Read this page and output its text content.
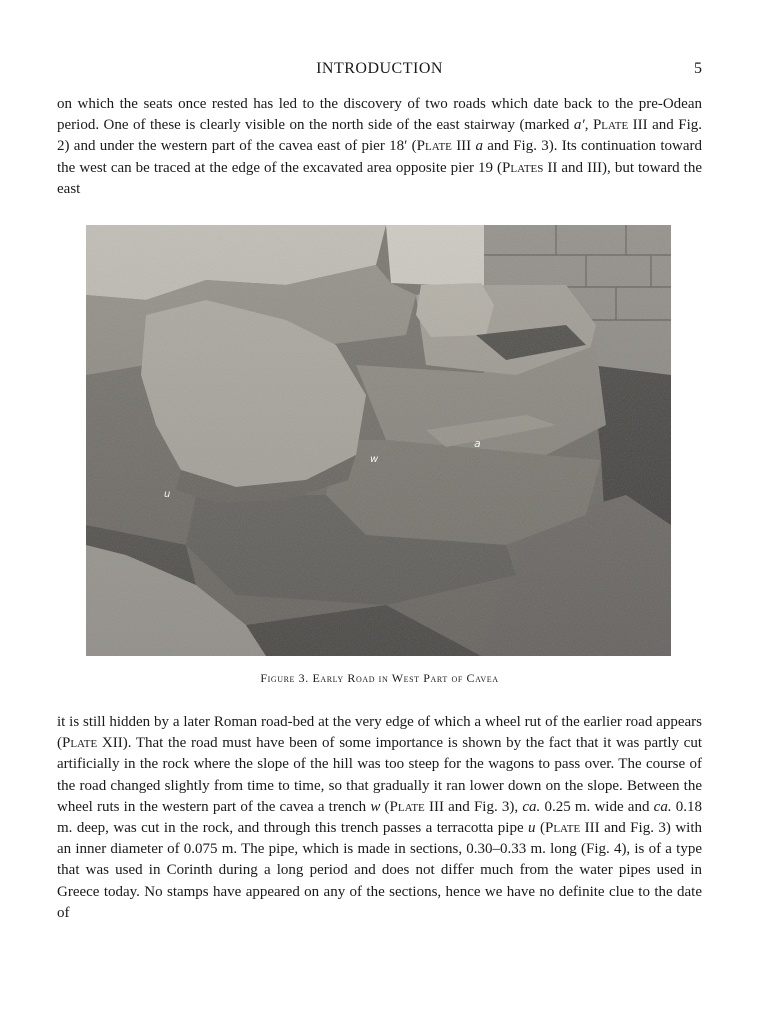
INTRODUCTION	5

on which the seats once rested has led to the discovery of two roads which date back to the pre-Odean period. One of these is clearly visible on the north side of the east stairway (marked a′, Plate III and Fig. 2) and under the western part of the cavea east of pier 18′ (Plate III a and Fig. 3). Its continuation toward the west can be traced at the edge of the excavated area opposite pier 19 (Plates II and III), but toward the east

a
w
u
Figure 3. Early Road in West Part of Cavea

it is still hidden by a later Roman road-bed at the very edge of which a wheel rut of the earlier road appears (Plate XII). That the road must have been of some importance is shown by the fact that it was partly cut artificially in the rock where the slope of the hill was too steep for the wagons to pass over. The course of the road changed slightly from time to time, so that gradually it ran lower down on the slope. Between the wheel ruts in the western part of the cavea a trench w (Plate III and Fig. 3), ca. 0.25 m. wide and ca. 0.18 m. deep, was cut in the rock, and through this trench passes a terracotta pipe u (Plate III and Fig. 3) with an inner diameter of 0.075 m. The pipe, which is made in sections, 0.30–0.33 m. long (Fig. 4), is of a type that was used in Corinth during a long period and does not differ much from the water pipes used in Greece today. No stamps have appeared on any of the sections, hence we have no definite clue to the date of
